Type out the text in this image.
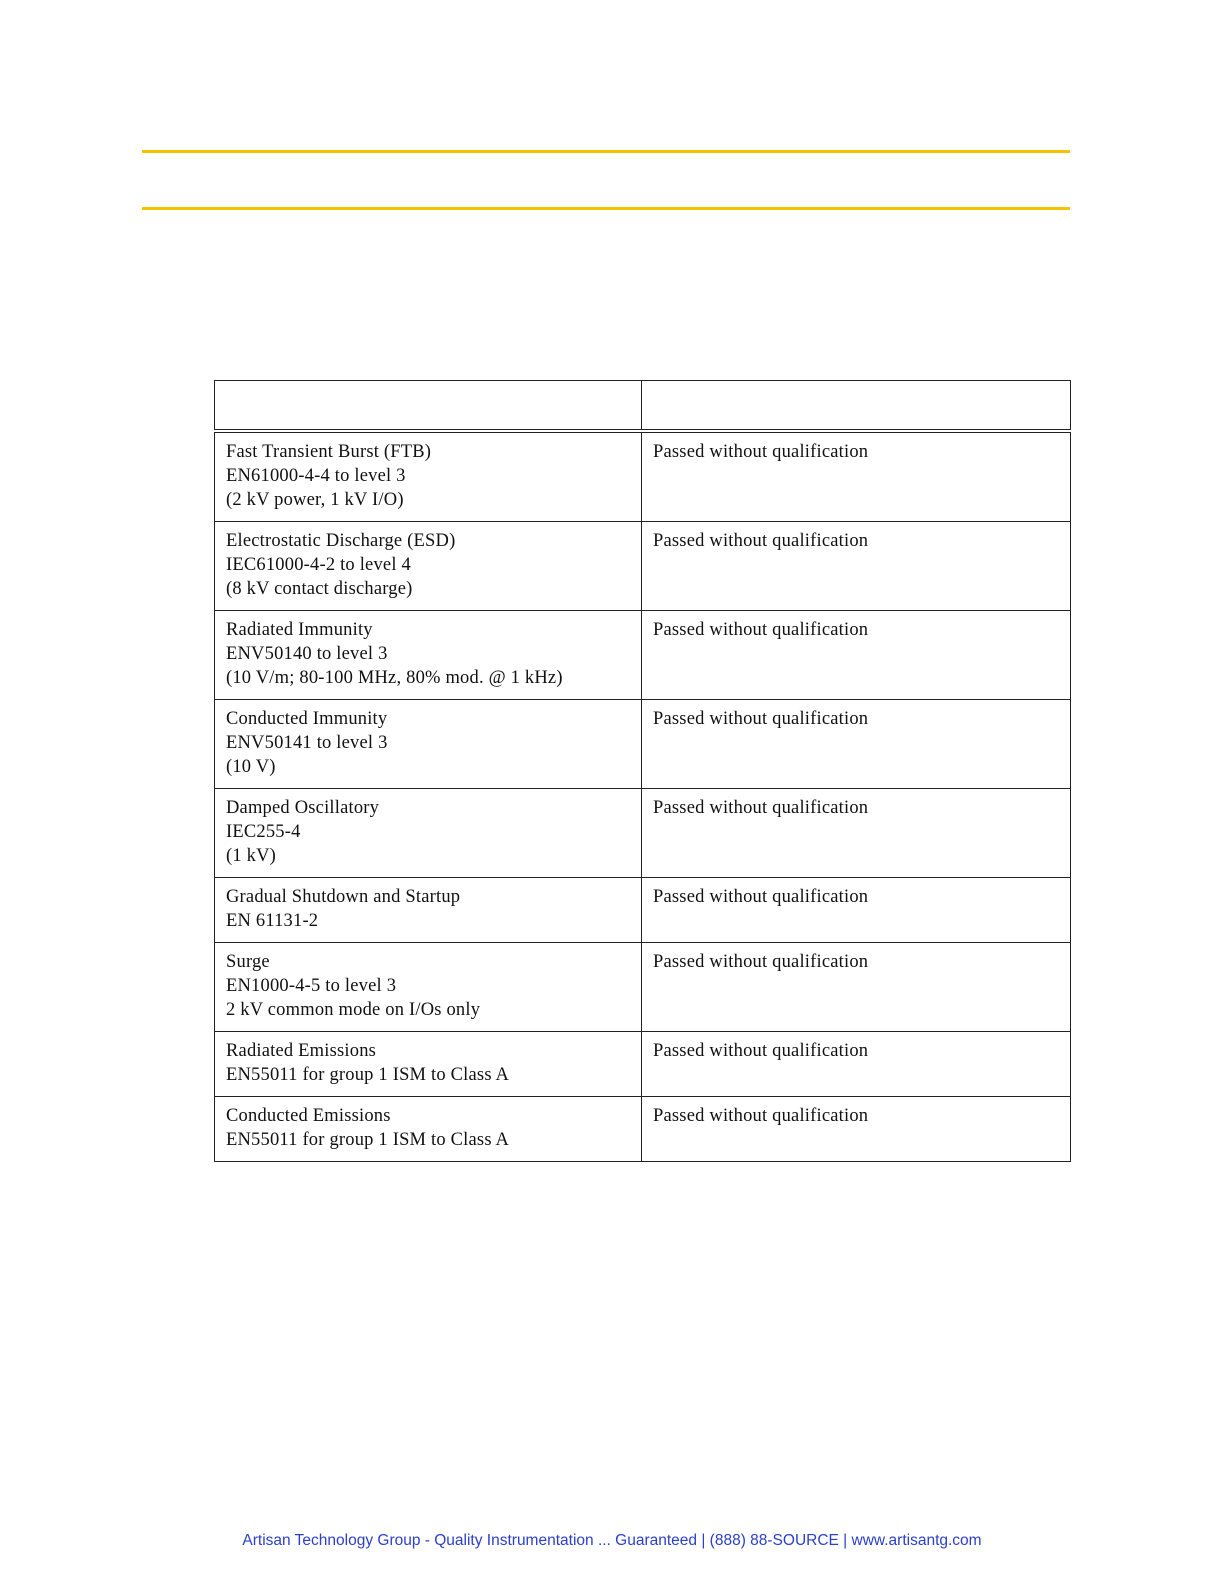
Fast Transient Burst (FTB)
EN61000-4-4 to level 3
(2 kV power, 1 kV I/O)	Passed without qualification

Electrostatic Discharge (ESD)
IEC61000-4-2 to level 4
(8 kV contact discharge)	Passed without qualification

Radiated Immunity
ENV50140 to level 3
(10 V/m; 80-100 MHz, 80% mod. @ 1 kHz)	Passed without qualification

Conducted Immunity
ENV50141 to level 3
(10 V)	Passed without qualification

Damped Oscillatory
IEC255-4
(1 kV)	Passed without qualification

Gradual Shutdown and Startup
EN 61131-2	Passed without qualification

Surge
EN1000-4-5 to level 3
2 kV common mode on I/Os only	Passed without qualification

Radiated Emissions
EN55011 for group 1 ISM to Class A	Passed without qualification

Conducted Emissions
EN55011 for group 1 ISM to Class A	Passed without qualification
Artisan Technology Group - Quality Instrumentation ... Guaranteed | (888) 88-SOURCE | www.artisantg.com
